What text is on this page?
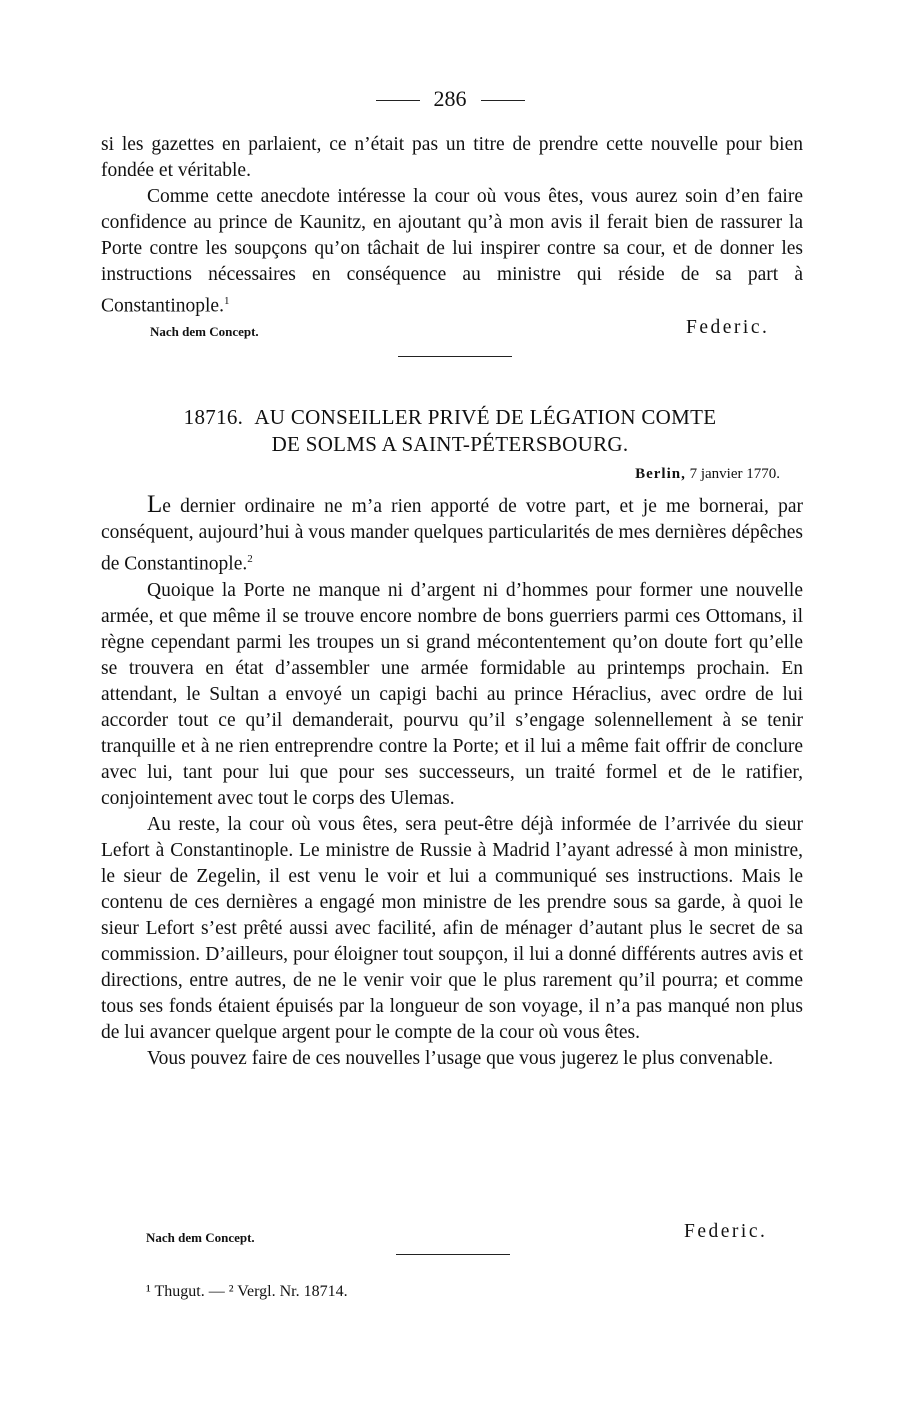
286

si les gazettes en parlaient, ce n’était pas un titre de prendre cette nouvelle pour bien fondée et véritable.

Comme cette anecdote intéresse la cour où vous êtes, vous aurez soin d’en faire confidence au prince de Kaunitz, en ajoutant qu’à mon avis il ferait bien de rassurer la Porte contre les soupçons qu’on tâchait de lui inspirer contre sa cour, et de donner les instructions nécessaires en conséquence au ministre qui réside de sa part à Constantinople.$^1$

Nach dem Concept.	Federic.
18716. AU CONSEILLER PRIVÉ DE LÉGATION COMTE
DE SOLMS A SAINT-PÉTERSBOURG.
Berlin, 7 janvier 1770.

Le dernier ordinaire ne m’a rien apporté de votre part, et je me bornerai, par conséquent, aujourd’hui à vous mander quelques particularités de mes dernières dépêches de Constantinople.$^2$

Quoique la Porte ne manque ni d’argent ni d’hommes pour former une nouvelle armée, et que même il se trouve encore nombre de bons guerriers parmi ces Ottomans, il règne cependant parmi les troupes un si grand mécontentement qu’on doute fort qu’elle se trouvera en état d’assembler une armée formidable au printemps prochain. En attendant, le Sultan a envoyé un capigi bachi au prince Héraclius, avec ordre de lui accorder tout ce qu’il demanderait, pourvu qu’il s’engage solennellement à se tenir tranquille et à ne rien entreprendre contre la Porte; et il lui a même fait offrir de conclure avec lui, tant pour lui que pour ses successeurs, un traité formel et de le ratifier, conjointement avec tout le corps des Ulemas.

Au reste, la cour où vous êtes, sera peut-être déjà informée de l’arrivée du sieur Lefort à Constantinople. Le ministre de Russie à Madrid l’ayant adressé à mon ministre, le sieur de Zegelin, il est venu le voir et lui a communiqué ses instructions. Mais le contenu de ces dernières a engagé mon ministre de les prendre sous sa garde, à quoi le sieur Lefort s’est prêté aussi avec facilité, afin de ménager d’autant plus le secret de sa commission. D’ailleurs, pour éloigner tout soupçon, il lui a donné différents autres avis et directions, entre autres, de ne le venir voir que le plus rarement qu’il pourra; et comme tous ses fonds étaient épuisés par la longueur de son voyage, il n’a pas manqué non plus de lui avancer quelque argent pour le compte de la cour où vous êtes.

Vous pouvez faire de ces nouvelles l’usage que vous jugerez le plus convenable.

Nach dem Concept.	Federic.
¹ Thugut. — ² Vergl. Nr. 18714.
